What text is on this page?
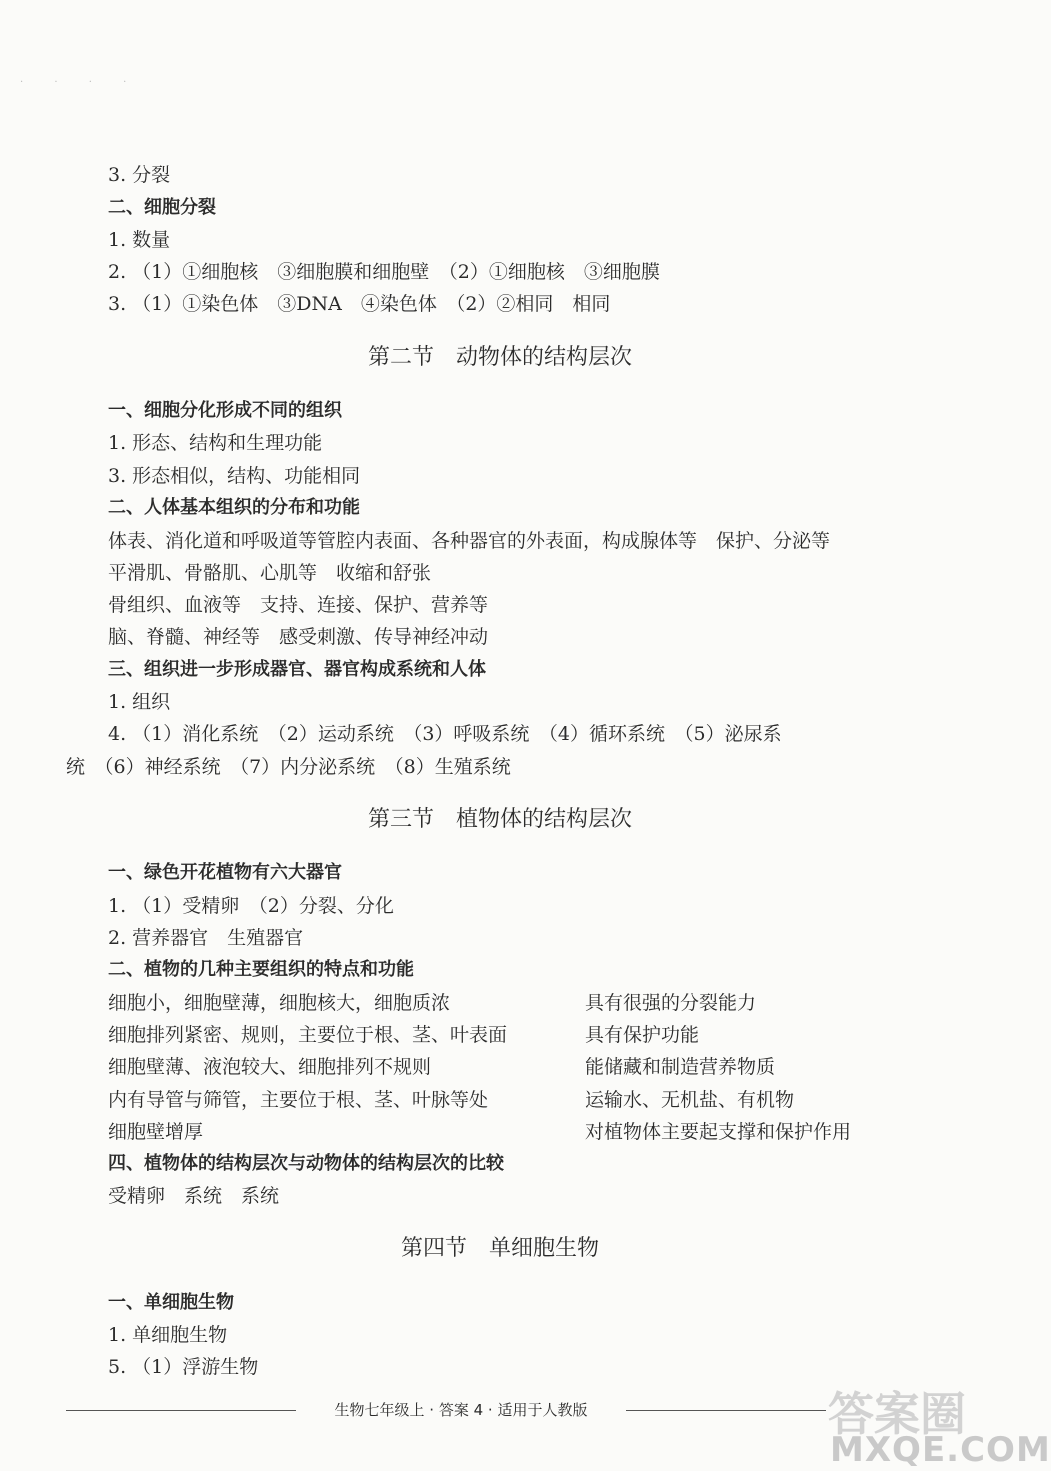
. . . .
3. 分裂
二、细胞分裂
1. 数量
2. （1）①细胞核　③细胞膜和细胞壁　（2）①细胞核　③细胞膜
3. （1）①染色体　③DNA　④染色体　（2）②相同　相同
第二节　动物体的结构层次
一、细胞分化形成不同的组织
1. 形态、结构和生理功能
3. 形态相似，结构、功能相同
二、人体基本组织的分布和功能
体表、消化道和呼吸道等管腔内表面、各种器官的外表面，构成腺体等　保护、分泌等
平滑肌、骨骼肌、心肌等　收缩和舒张
骨组织、血液等　支持、连接、保护、营养等
脑、脊髓、神经等　感受刺激、传导神经冲动
三、组织进一步形成器官、器官构成系统和人体
1. 组织
4. （1）消化系统　（2）运动系统　（3）呼吸系统　（4）循环系统　（5）泌尿系
统　（6）神经系统　（7）内分泌系统　（8）生殖系统
第三节　植物体的结构层次
一、绿色开花植物有六大器官
1. （1）受精卵　（2）分裂、分化
2. 营养器官　生殖器官
二、植物的几种主要组织的特点和功能
细胞小，细胞壁薄，细胞核大，细胞质浓	具有很强的分裂能力
细胞排列紧密、规则，主要位于根、茎、叶表面	具有保护功能
细胞壁薄、液泡较大、细胞排列不规则	能储藏和制造营养物质
内有导管与筛管，主要位于根、茎、叶脉等处	运输水、无机盐、有机物
细胞壁增厚	对植物体主要起支撑和保护作用
四、植物体的结构层次与动物体的结构层次的比较
受精卵　系统　系统
第四节　单细胞生物
一、单细胞生物
1. 单细胞生物
5. （1）浮游生物
生物七年级上 · 答案 4 · 适用于人教版	答案圈
MXQE.COM
